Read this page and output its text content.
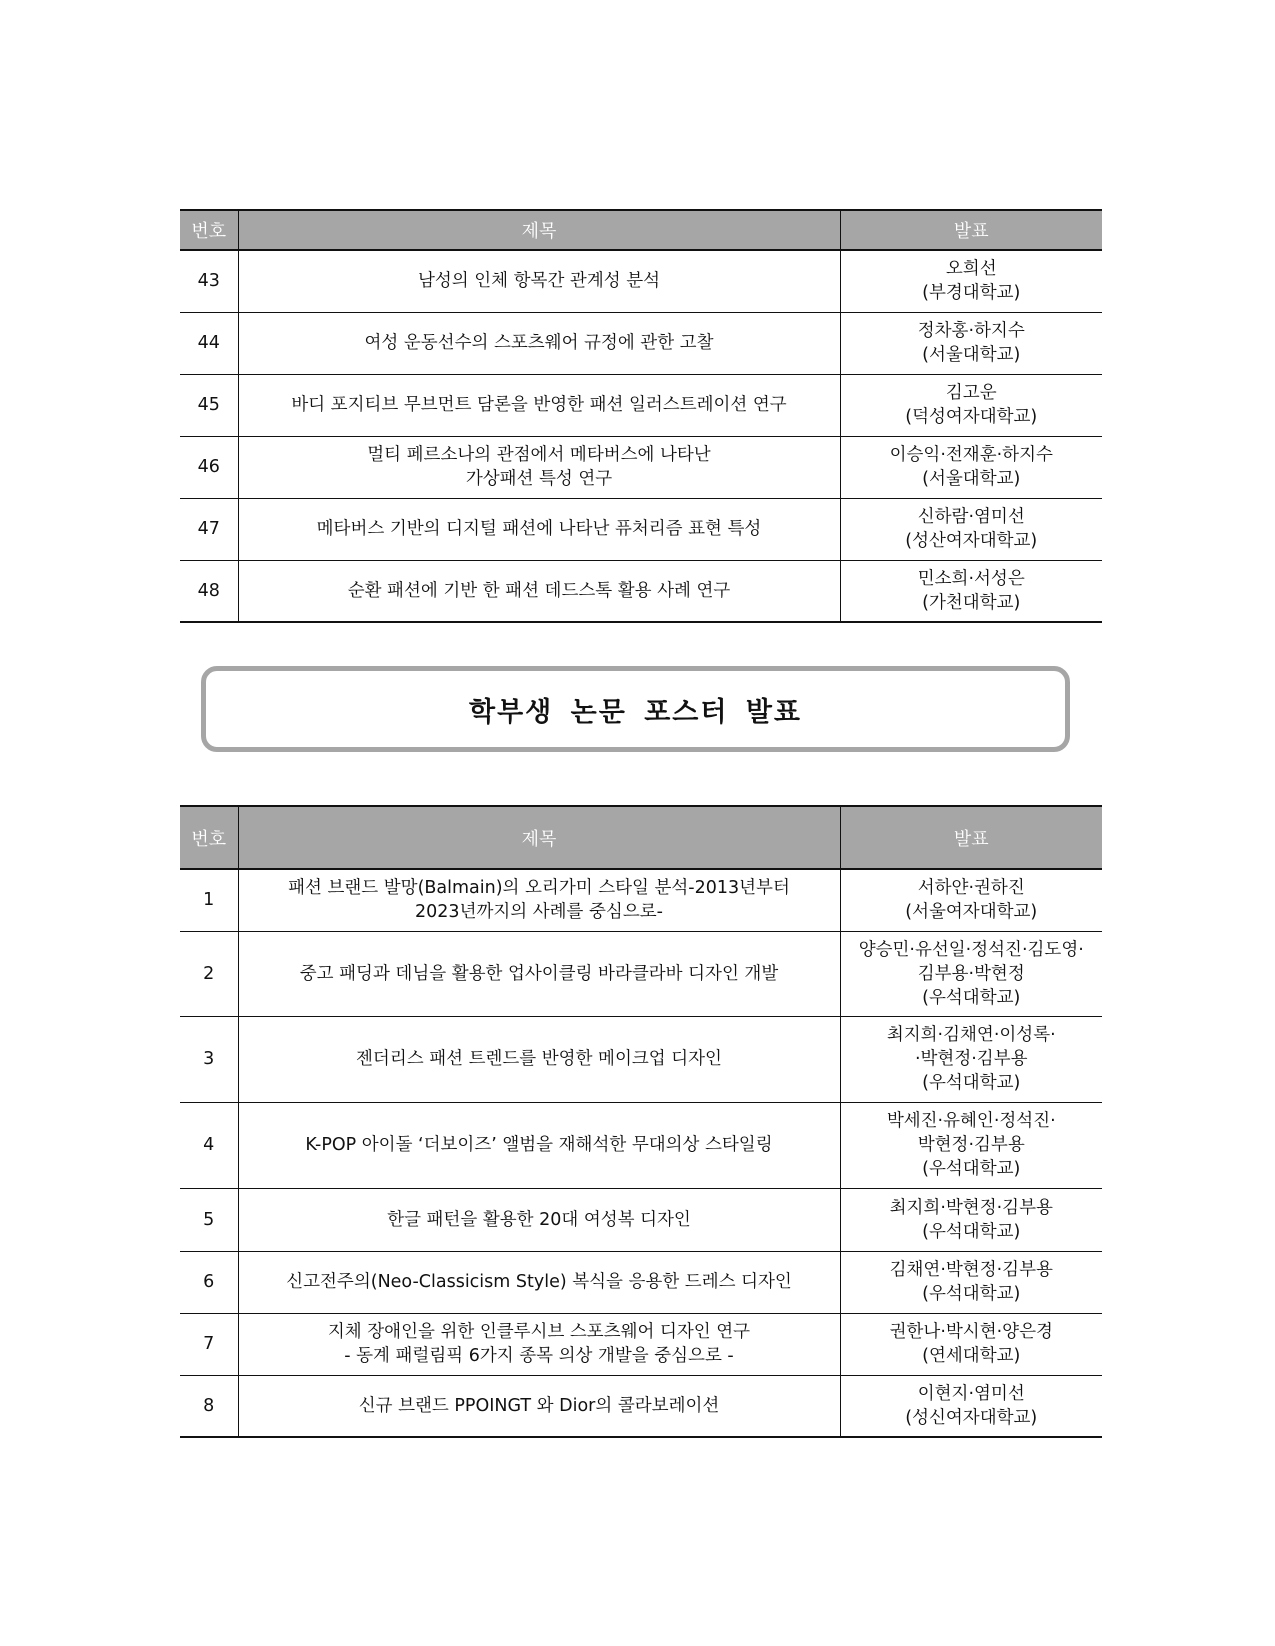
번호	제목	발표
43	남성의 인체 항목간 관계성 분석	오희선
(부경대학교)

44	여성 운동선수의 스포츠웨어 규정에 관한 고찰	정차홍·하지수
(서울대학교)

45	바디 포지티브 무브먼트 담론을 반영한 패션 일러스트레이션 연구	김고운
(덕성여자대학교)

46	멀티 페르소나의 관점에서 메타버스에 나타난
가상패션 특성 연구	이승익·전재훈·하지수
(서울대학교)

47	메타버스 기반의 디지털 패션에 나타난 퓨처리즘 표현 특성	신하람·염미선
(성산여자대학교)

48	순환 패션에 기반 한 패션 데드스톡 활용 사례 연구	민소희·서성은
(가천대학교)
학부생 논문 포스터 발표
번호	제목	발표
1	패션 브랜드 발망(Balmain)의 오리가미 스타일 분석-2013년부터
2023년까지의 사례를 중심으로-	서하얀·권하진
(서울여자대학교)

2	중고 패딩과 데님을 활용한 업사이클링 바라클라바 디자인 개발	양승민·유선일·정석진·김도영·
김부용·박현정
(우석대학교)

3	젠더리스 패션 트렌드를 반영한 메이크업 디자인	최지희·김채연·이성록·
·박현정·김부용
(우석대학교)

4	K-POP 아이돌 ‘더보이즈’ 앨범을 재해석한 무대의상 스타일링	박세진·유혜인·정석진·
박현정·김부용
(우석대학교)

5	한글 패턴을 활용한 20대 여성복 디자인	최지희·박현정·김부용
(우석대학교)

6	신고전주의(Neo-Classicism Style) 복식을 응용한 드레스 디자인	김채연·박현정·김부용
(우석대학교)

7	지체 장애인을 위한 인클루시브 스포츠웨어 디자인 연구
- 동계 패럴림픽 6가지 종목 의상 개발을 중심으로 -	권한나·박시현·양은경
(연세대학교)

8	신규 브랜드 PPOINGT 와 Dior의 콜라보레이션	이현지·염미선
(성신여자대학교)
